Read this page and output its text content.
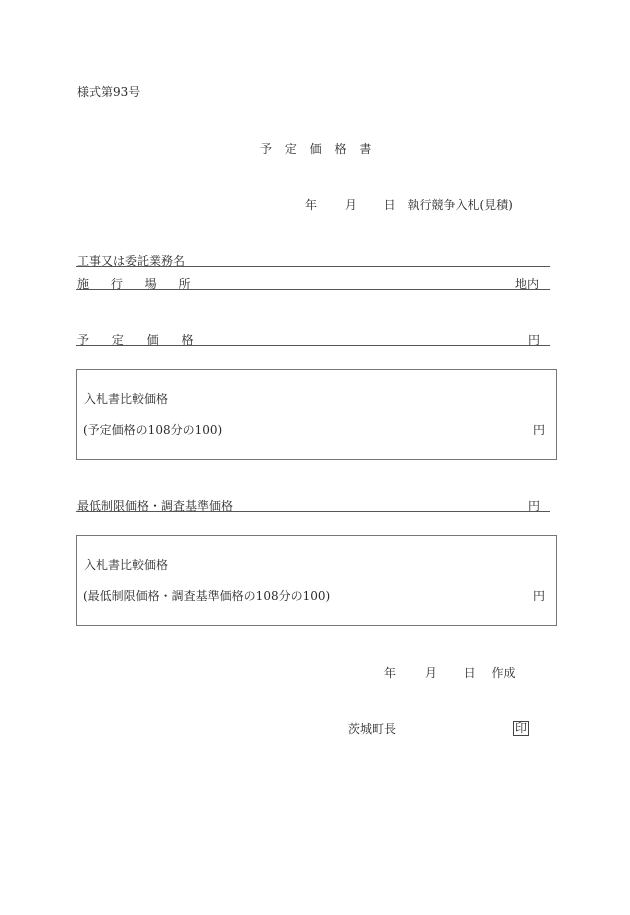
様式第93号
予 定 価 格 書
年 月 日 執行競争入札(見積)
工事又は委託業務名
施 行 場 所	地内
予 定 価 格	円
入札書比較価格
(予定価格の108分の100)	円
最低制限価格・調査基準価格	円
入札書比較価格
(最低制限価格・調査基準価格の108分の100)	円
年 月 日 作成
茨城町長	印
